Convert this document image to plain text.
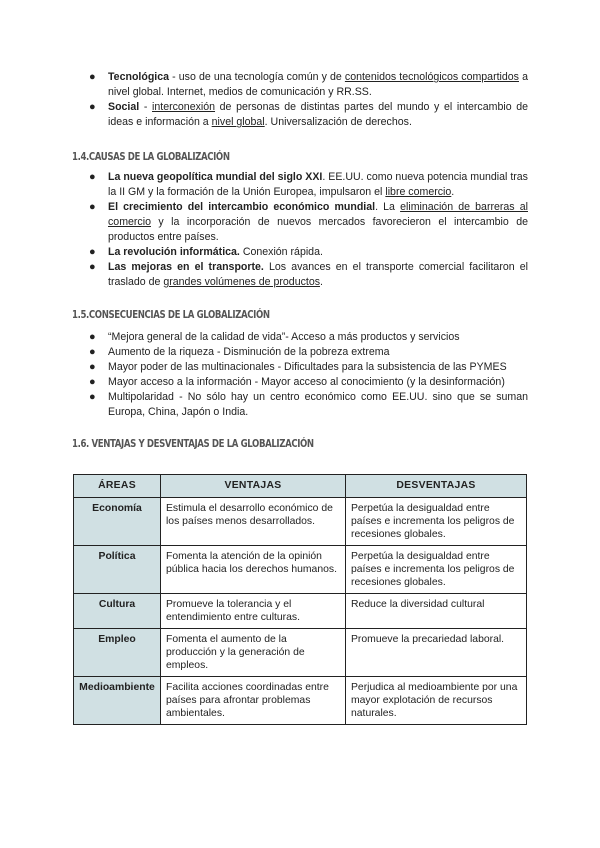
● Tecnológica - uso de una tecnología común y de contenidos tecnológicos compartidos a nivel global. Internet, medios de comunicación y RR.SS.
● Social - interconexión de personas de distintas partes del mundo y el intercambio de ideas e información a nivel global. Universalización de derechos.
1.4.CAUSAS DE LA GLOBALIZACIÓN
● La nueva geopolítica mundial del siglo XXI. EE.UU. como nueva potencia mundial tras la II GM y la formación de la Unión Europea, impulsaron el libre comercio.
● El crecimiento del intercambio económico mundial. La eliminación de barreras al comercio y la incorporación de nuevos mercados favorecieron el intercambio de productos entre países.
● La revolución informática. Conexión rápida.
● Las mejoras en el transporte. Los avances en el transporte comercial facilitaron el traslado de grandes volúmenes de productos.
1.5.CONSECUENCIAS DE LA GLOBALIZACIÓN
● “Mejora general de la calidad de vida”- Acceso a más productos y servicios
● Aumento de la riqueza - Disminución de la pobreza extrema
● Mayor poder de las multinacionales - Dificultades para la subsistencia de las PYMES
● Mayor acceso a la información - Mayor acceso al conocimiento (y la desinformación)
● Multipolaridad - No sólo hay un centro económico como EE.UU. sino que se suman Europa, China, Japón o India.
1.6. VENTAJAS Y DESVENTAJAS DE LA GLOBALIZACIÓN
ÁREAS	VENTAJAS	DESVENTAJAS
Economía	Estimula el desarrollo económico de los países menos desarrollados.	Perpetúa la desigualdad entre países e incrementa los peligros de recesiones globales.
Política	Fomenta la atención de la opinión pública hacia los derechos humanos.	Perpetúa la desigualdad entre países e incrementa los peligros de recesiones globales.
Cultura	Promueve la tolerancia y el entendimiento entre culturas.	Reduce la diversidad cultural
Empleo	Fomenta el aumento de la producción y la generación de empleos.	Promueve la precariedad laboral.
Medioambiente	Facilita acciones coordinadas entre países para afrontar problemas ambientales.	Perjudica al medioambiente por una mayor explotación de recursos naturales.
